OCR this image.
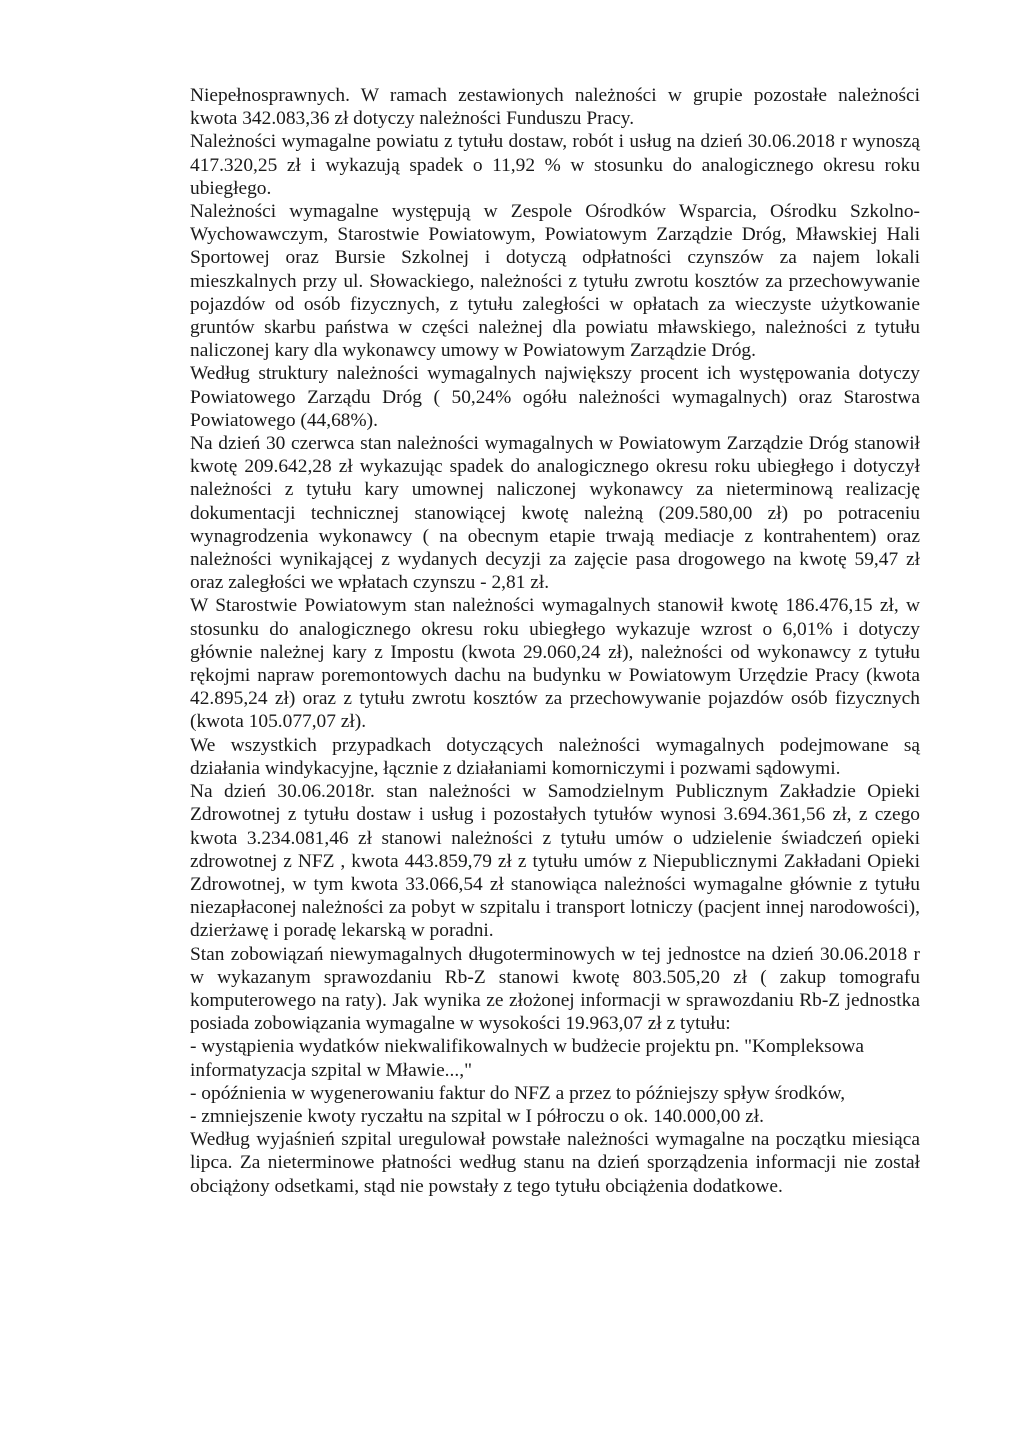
Niepełnosprawnych. W ramach zestawionych należności w grupie pozostałe należności kwota 342.083,36 zł dotyczy należności Funduszu Pracy.

Należności wymagalne powiatu z tytułu dostaw, robót i usług na dzień 30.06.2018 r wynoszą 417.320,25 zł i wykazują spadek o 11,92 % w stosunku do analogicznego okresu roku ubiegłego.

Należności wymagalne występują w Zespole Ośrodków Wsparcia, Ośrodku Szkolno-Wychowawczym, Starostwie Powiatowym, Powiatowym Zarządzie Dróg, Mławskiej Hali Sportowej oraz Bursie Szkolnej i dotyczą odpłatności czynszów za najem lokali mieszkalnych przy ul. Słowackiego, należności z tytułu zwrotu kosztów za przechowywanie pojazdów od osób fizycznych, z tytułu zaległości w opłatach za wieczyste użytkowanie gruntów skarbu państwa w części należnej dla powiatu mławskiego, należności z tytułu naliczonej kary dla wykonawcy umowy w Powiatowym Zarządzie Dróg.

Według struktury należności wymagalnych największy procent ich występowania dotyczy Powiatowego Zarządu Dróg ( 50,24% ogółu należności wymagalnych) oraz Starostwa Powiatowego (44,68%).

Na dzień 30 czerwca stan należności wymagalnych w Powiatowym Zarządzie Dróg stanowił kwotę 209.642,28 zł wykazując spadek do analogicznego okresu roku ubiegłego i dotyczył należności z tytułu kary umownej naliczonej wykonawcy za nieterminową realizację dokumentacji technicznej stanowiącej kwotę należną (209.580,00 zł) po potraceniu wynagrodzenia wykonawcy ( na obecnym etapie trwają mediacje z kontrahentem) oraz należności wynikającej z wydanych decyzji za zajęcie pasa drogowego na kwotę 59,47 zł oraz zaległości we wpłatach czynszu - 2,81 zł.

W Starostwie Powiatowym stan należności wymagalnych stanowił kwotę 186.476,15 zł, w stosunku do analogicznego okresu roku ubiegłego wykazuje wzrost o 6,01% i dotyczy głównie należnej kary z Impostu (kwota 29.060,24 zł), należności od wykonawcy z tytułu rękojmi napraw poremontowych dachu na budynku w Powiatowym Urzędzie Pracy (kwota 42.895,24 zł) oraz z tytułu zwrotu kosztów za przechowywanie pojazdów osób fizycznych (kwota 105.077,07 zł).

We wszystkich przypadkach dotyczących należności wymagalnych podejmowane są działania windykacyjne, łącznie z działaniami komorniczymi i pozwami sądowymi.

Na dzień 30.06.2018r. stan należności w Samodzielnym Publicznym Zakładzie Opieki Zdrowotnej z tytułu dostaw i usług i pozostałych tytułów wynosi 3.694.361,56 zł, z czego kwota 3.234.081,46 zł stanowi należności z tytułu umów o udzielenie świadczeń opieki zdrowotnej z NFZ , kwota 443.859,79 zł z tytułu umów z Niepublicznymi Zakładani Opieki Zdrowotnej, w tym kwota 33.066,54 zł stanowiąca należności wymagalne głównie z tytułu niezapłaconej należności za pobyt w szpitalu i transport lotniczy (pacjent innej narodowości), dzierżawę i poradę lekarską w poradni.

Stan zobowiązań niewymagalnych długoterminowych w tej jednostce na dzień 30.06.2018 r w wykazanym sprawozdaniu Rb-Z stanowi kwotę 803.505,20 zł ( zakup tomografu komputerowego na raty). Jak wynika ze złożonej informacji w sprawozdaniu Rb-Z jednostka posiada zobowiązania wymagalne w wysokości 19.963,07 zł z tytułu:

- wystąpienia wydatków niekwalifikowalnych w budżecie projektu pn. "Kompleksowa informatyzacja szpital w Mławie...,"

- opóźnienia w wygenerowaniu faktur do NFZ a przez to późniejszy spływ środków,

- zmniejszenie kwoty ryczałtu na szpital w I półroczu o ok. 140.000,00 zł.

Według wyjaśnień szpital uregulował powstałe należności wymagalne na początku miesiąca lipca. Za nieterminowe płatności według stanu na dzień sporządzenia informacji nie został obciążony odsetkami, stąd nie powstały z tego tytułu obciążenia dodatkowe.
